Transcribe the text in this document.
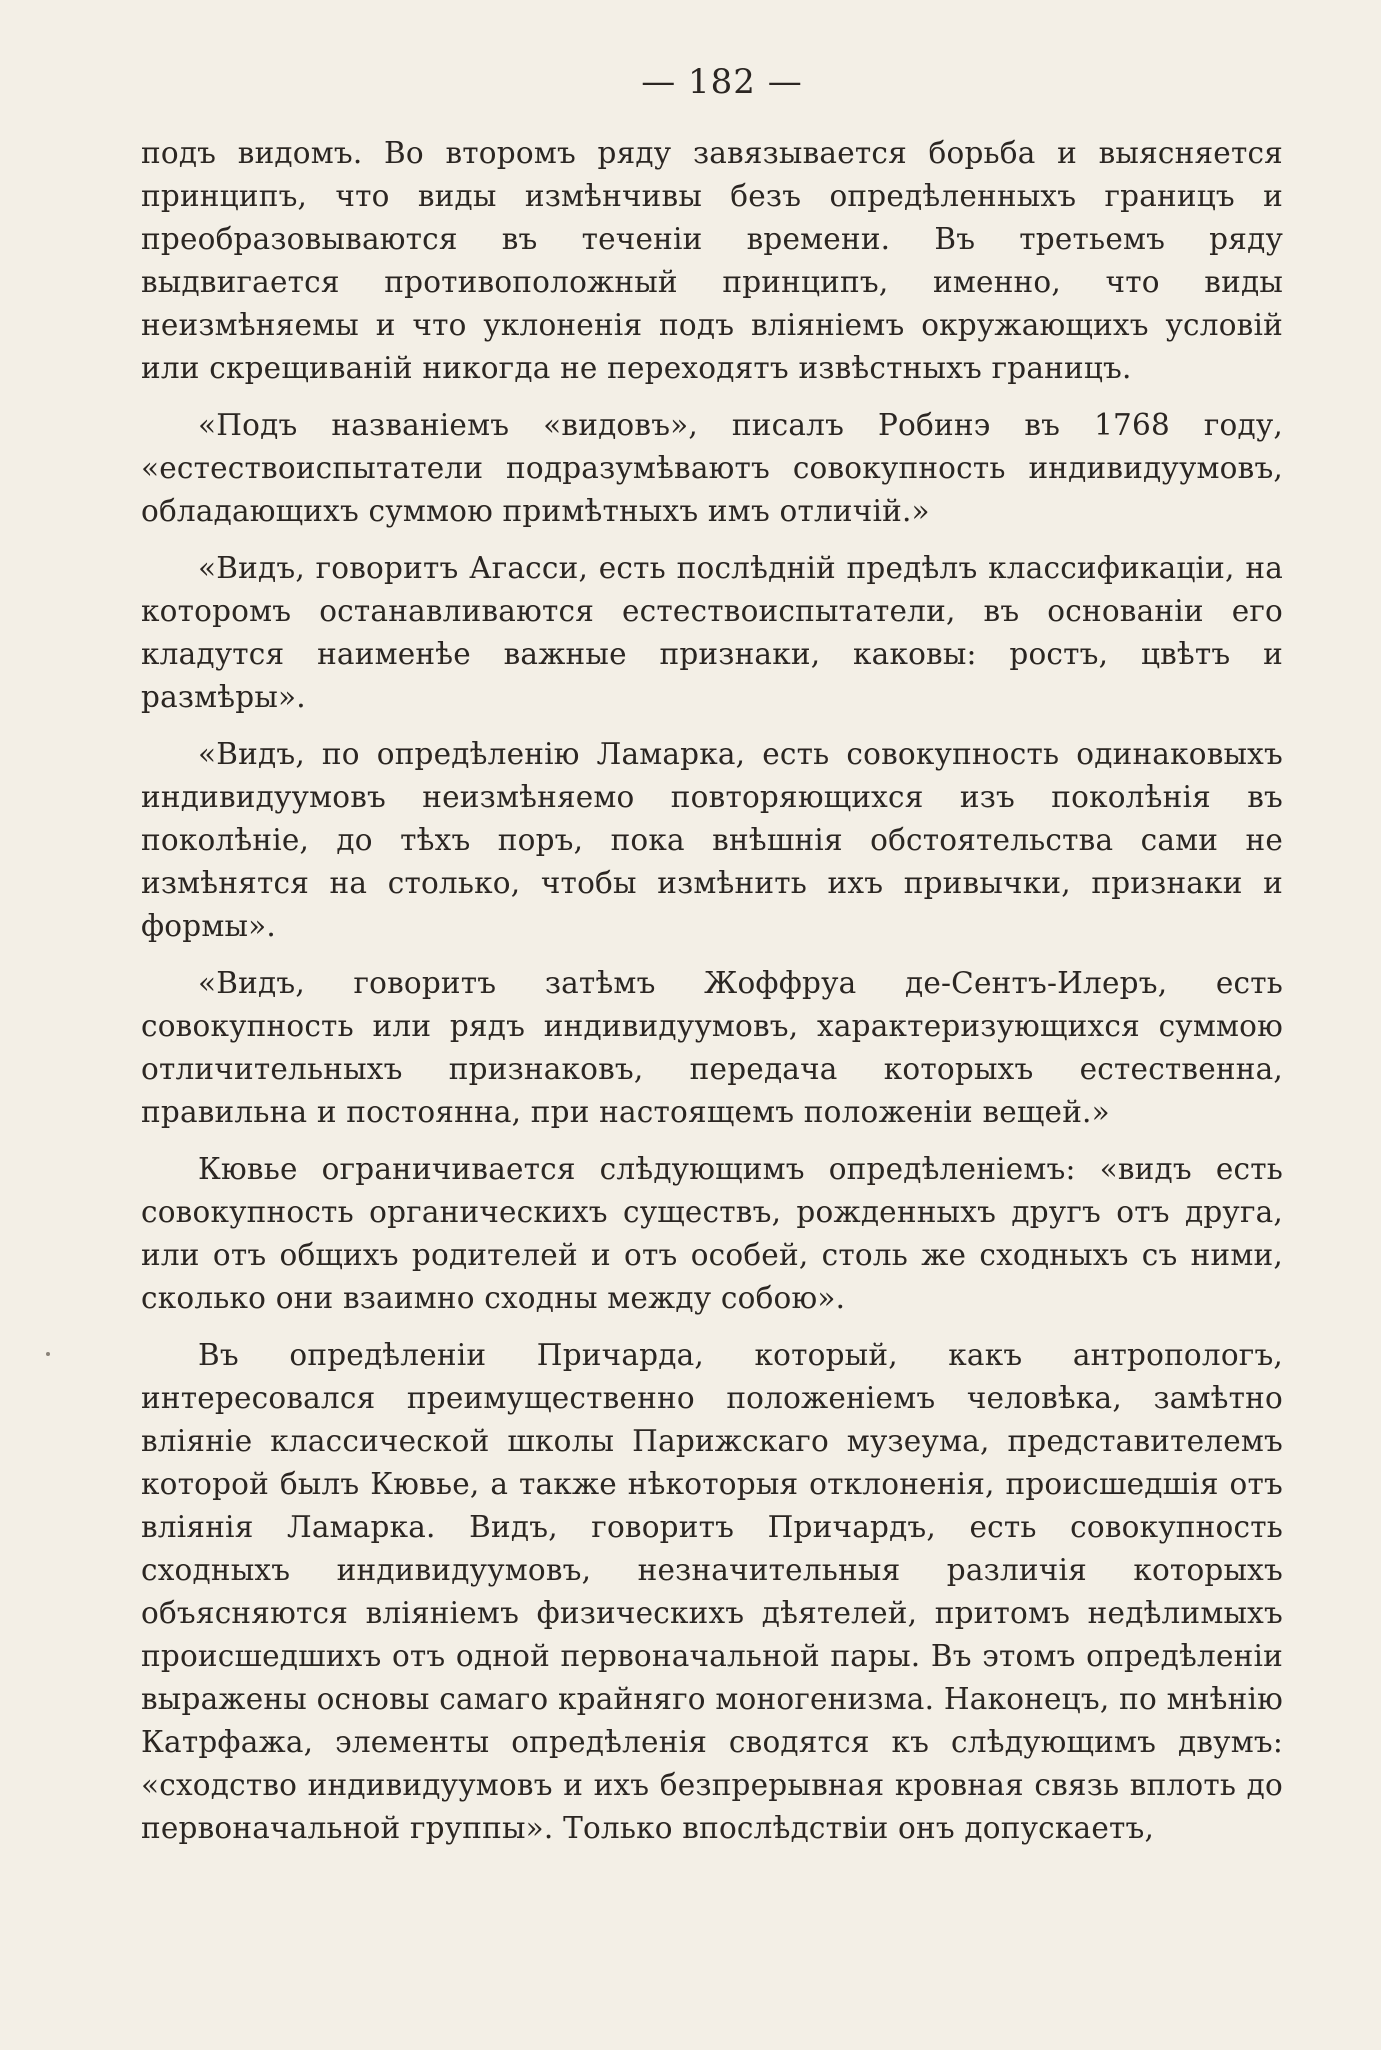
— 182 —

подъ видомъ. Во второмъ ряду завязывается борьба и выясняется принципъ, что виды измѣнчивы безъ опредѣленныхъ границъ и преобразовываются въ теченіи времени. Въ третьемъ ряду выдвигается противоположный принципъ, именно, что виды неизмѣняемы и что уклоненія подъ вліяніемъ окружающихъ условій или скрещиваній никогда не переходятъ извѣстныхъ границъ.

«Подъ названіемъ «видовъ», писалъ Робинэ въ 1768 году, «естествоиспытатели подразумѣваютъ совокупность индивидуумовъ, обладающихъ суммою примѣтныхъ имъ отличій.»

«Видъ, говоритъ Агасси, есть послѣдній предѣлъ классификаціи, на которомъ останавливаются естествоиспытатели, въ основаніи его кладутся наименѣе важные признаки, каковы: ростъ, цвѣтъ и размѣры».

«Видъ, по опредѣленію Ламарка, есть совокупность одинаковыхъ индивидуумовъ неизмѣняемо повторяющихся изъ поколѣнія въ поколѣніе, до тѣхъ поръ, пока внѣшнія обстоятельства сами не измѣнятся на столько, чтобы измѣнить ихъ привычки, признаки и формы».

«Видъ, говоритъ затѣмъ Жоффруа де-Сентъ-Илеръ, есть совокупность или рядъ индивидуумовъ, характеризующихся суммою отличительныхъ признаковъ, передача которыхъ естественна, правильна и постоянна, при настоящемъ положеніи вещей.»

Кювье ограничивается слѣдующимъ опредѣленіемъ: «видъ есть совокупность органическихъ существъ, рожденныхъ другъ отъ друга, или отъ общихъ родителей и отъ особей, столь же сходныхъ съ ними, сколько они взаимно сходны между собою».

Въ опредѣленіи Причарда, который, какъ антропологъ, интересовался преимущественно положеніемъ человѣка, замѣтно вліяніе классической школы Парижскаго музеума, представителемъ которой былъ Кювье, а также нѣкоторыя отклоненія, происшедшія отъ вліянія Ламарка. Видъ, говоритъ Причардъ, есть совокупность сходныхъ индивидуумовъ, незначительныя различія которыхъ объясняются вліяніемъ физическихъ дѣятелей, притомъ недѣлимыхъ происшедшихъ отъ одной первоначальной пары. Въ этомъ опредѣленіи выражены основы самаго крайняго моногенизма. Наконецъ, по мнѣнію Катрфажа, элементы опредѣленія сводятся къ слѣдующимъ двумъ: «сходство индивидуумовъ и ихъ безпрерывная кровная связь вплоть до первоначальной группы». Только впослѣдствіи онъ допускаетъ,
